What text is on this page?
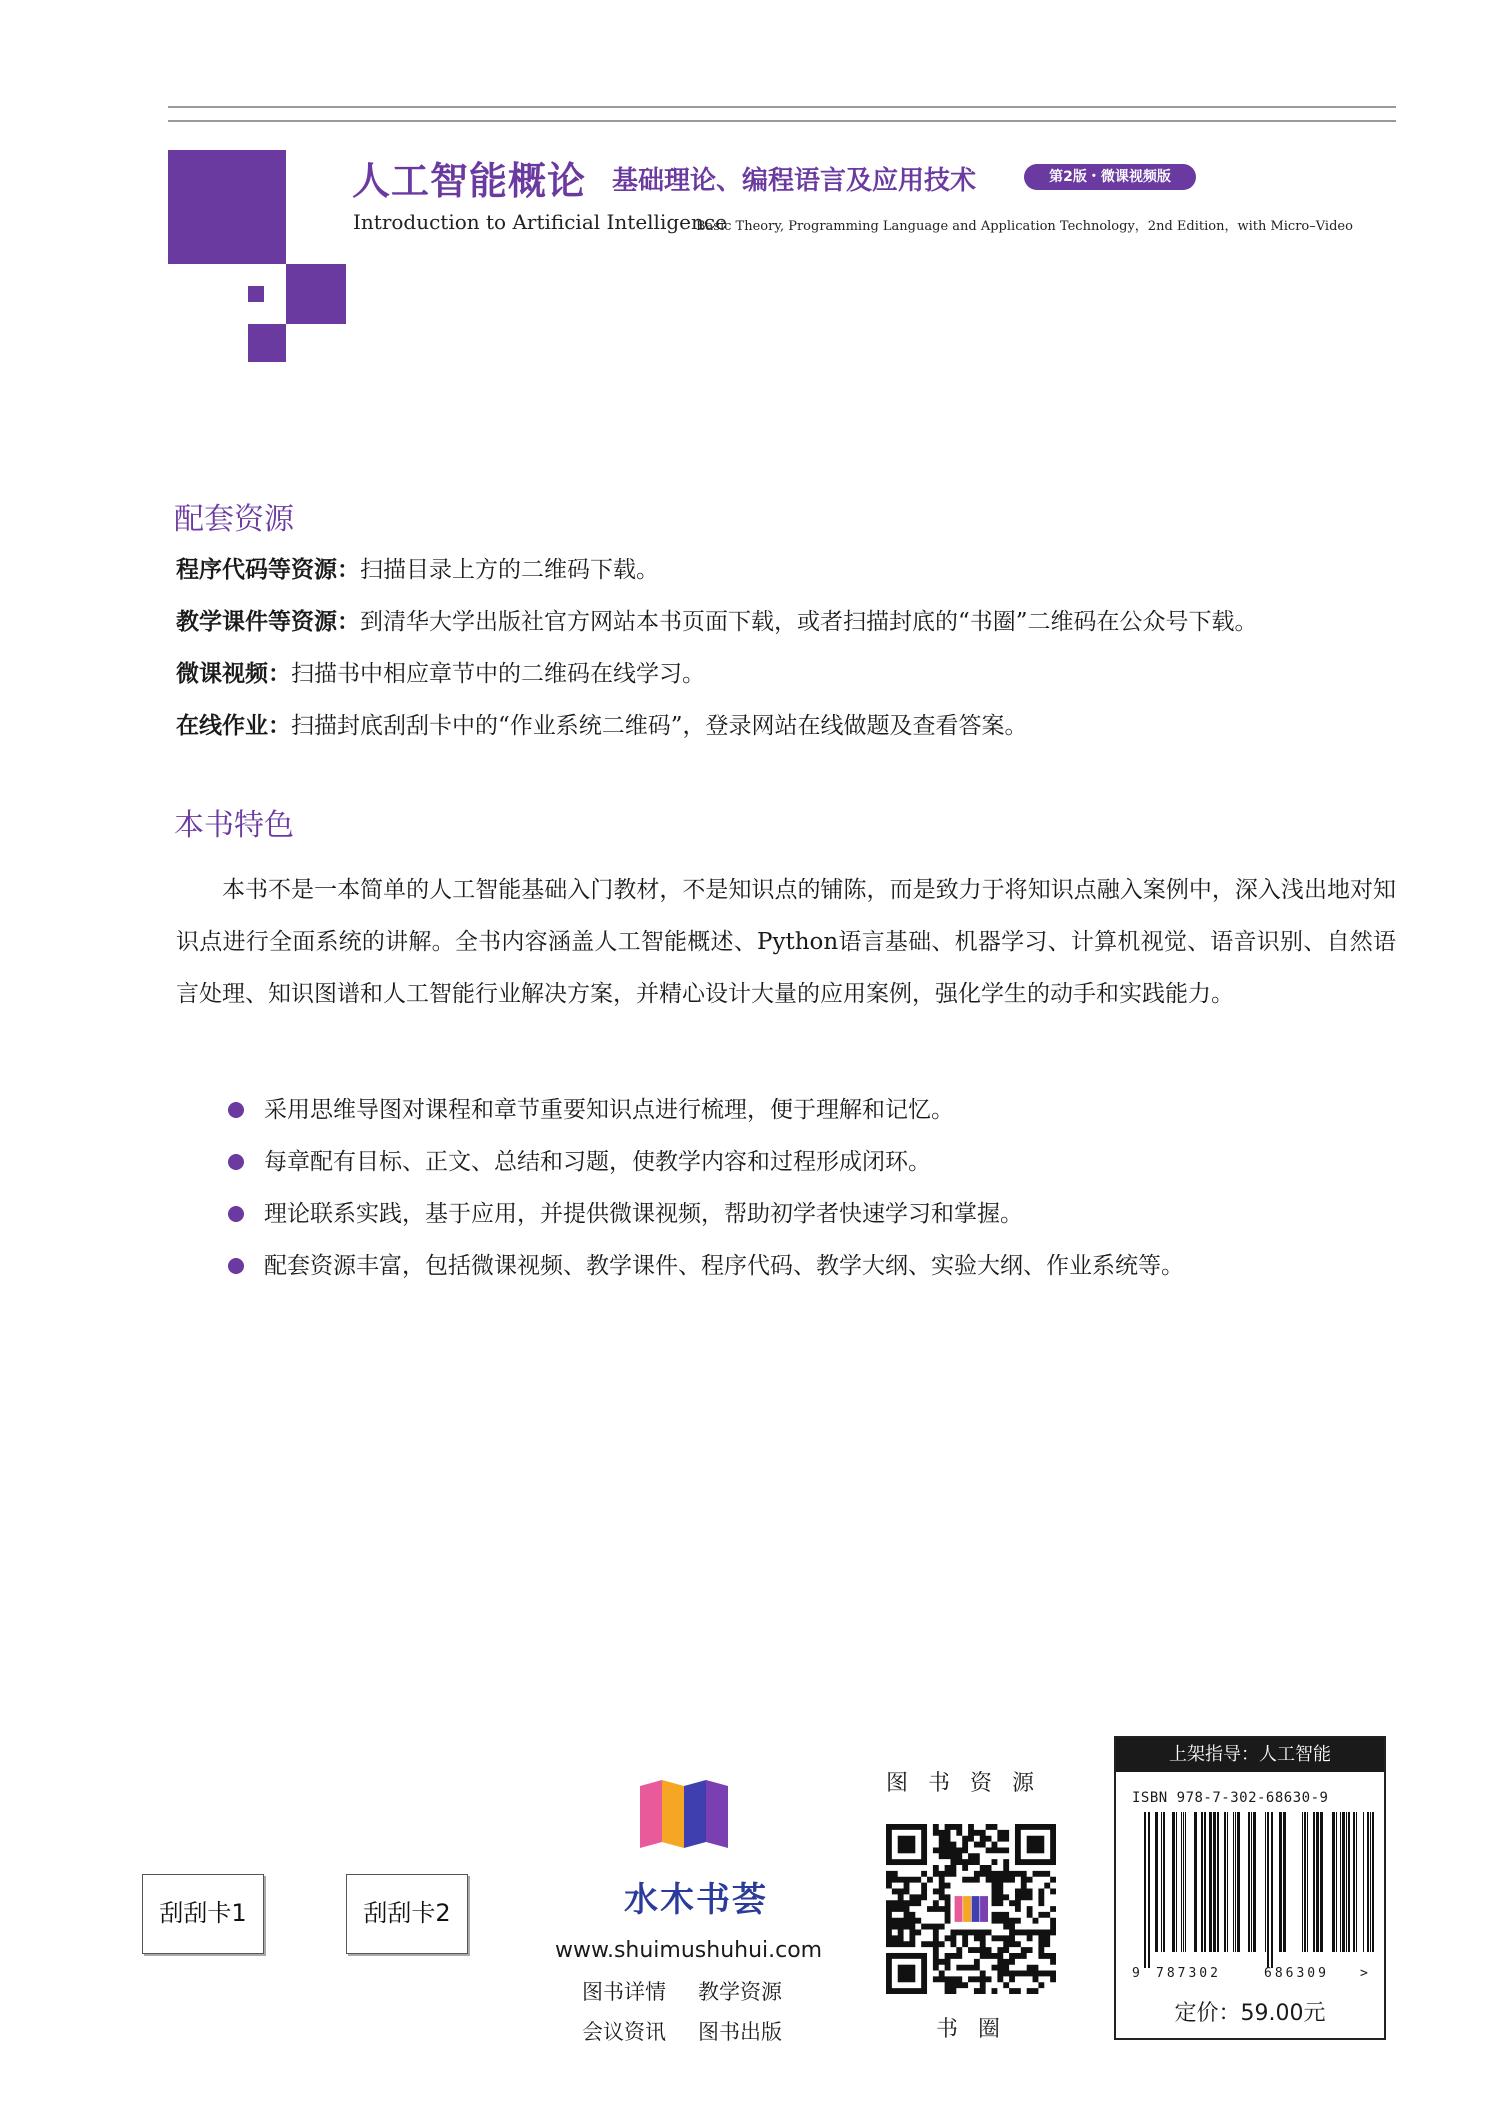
人工智能概论 基础理论、编程语言及应用技术	第2版・微课视频版
Introduction to Artificial Intelligence
Basic Theory, Programming Language and Application Technology，2nd Edition，with Micro–Video
配套资源
程序代码等资源：扫描目录上方的二维码下载。
教学课件等资源：到清华大学出版社官方网站本书页面下载，或者扫描封底的“书圈”二维码在公众号下载。
微课视频：扫描书中相应章节中的二维码在线学习。
在线作业：扫描封底刮刮卡中的“作业系统二维码”，登录网站在线做题及查看答案。
本书特色

本书不是一本简单的人工智能基础入门教材，不是知识点的铺陈，而是致力于将知识点融入案例中，深入浅出地对知识点进行全面系统的讲解。全书内容涵盖人工智能概述、Python语言基础、机器学习、计算机视觉、语音识别、自然语言处理、知识图谱和人工智能行业解决方案，并精心设计大量的应用案例，强化学生的动手和实践能力。

采用思维导图对课程和章节重要知识点进行梳理，便于理解和记忆。
每章配有目标、正文、总结和习题，使教学内容和过程形成闭环。
理论联系实践，基于应用，并提供微课视频，帮助初学者快速学习和掌握。
配套资源丰富，包括微课视频、教学课件、程序代码、教学大纲、实验大纲、作业系统等。
刮刮卡1	刮刮卡2	水木书荟
www.shuimushuhui.com
图书详情 教学资源
会议资讯 图书出版
图书资源
书圈
上架指导：人工智能
ISBN 978-7-302-68630-9
9 787302	686309 >
定价：59.00元
